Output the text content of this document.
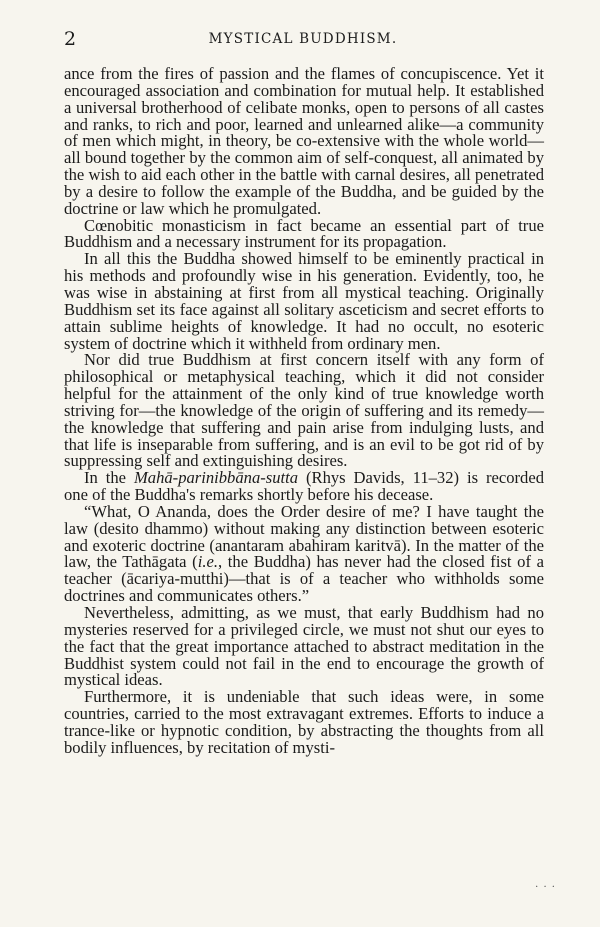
2	MYSTICAL BUDDHISM.

ance from the fires of passion and the flames of concupiscence. Yet it encouraged association and combination for mutual help. It established a universal brotherhood of celibate monks, open to persons of all castes and ranks, to rich and poor, learned and unlearned alike—a community of men which might, in theory, be co-extensive with the whole world—all bound together by the common aim of self-conquest, all animated by the wish to aid each other in the battle with carnal desires, all penetrated by a desire to follow the example of the Buddha, and be guided by the doctrine or law which he promulgated.

Cœnobitic monasticism in fact became an essential part of true Buddhism and a necessary instrument for its propagation.

In all this the Buddha showed himself to be eminently practical in his methods and profoundly wise in his generation. Evidently, too, he was wise in abstaining at first from all mystical teaching. Originally Buddhism set its face against all solitary asceticism and secret efforts to attain sublime heights of knowledge. It had no occult, no esoteric system of doctrine which it withheld from ordinary men.

Nor did true Buddhism at first concern itself with any form of philosophical or metaphysical teaching, which it did not consider helpful for the attainment of the only kind of true knowledge worth striving for—the knowledge of the origin of suffering and its remedy—the knowledge that suffering and pain arise from indulging lusts, and that life is inseparable from suffering, and is an evil to be got rid of by suppressing self and extinguishing desires.

In the Mahā-parinibbāna-sutta (Rhys Davids, 11–32) is recorded one of the Buddha's remarks shortly before his decease.

“What, O Ananda, does the Order desire of me? I have taught the law (desito dhammo) without making any distinction between esoteric and exoteric doctrine (anantaram abahiram karitvā). In the matter of the law, the Tathāgata (i.e., the Buddha) has never had the closed fist of a teacher (ācariya-mutthi)—that is of a teacher who withholds some doctrines and communicates others.”

Nevertheless, admitting, as we must, that early Buddhism had no mysteries reserved for a privileged circle, we must not shut our eyes to the fact that the great importance attached to abstract meditation in the Buddhist system could not fail in the end to encourage the growth of mystical ideas.

Furthermore, it is undeniable that such ideas were, in some countries, carried to the most extravagant extremes. Efforts to induce a trance-like or hypnotic condition, by abstracting the thoughts from all bodily influences, by recitation of mysti-

· · ·
